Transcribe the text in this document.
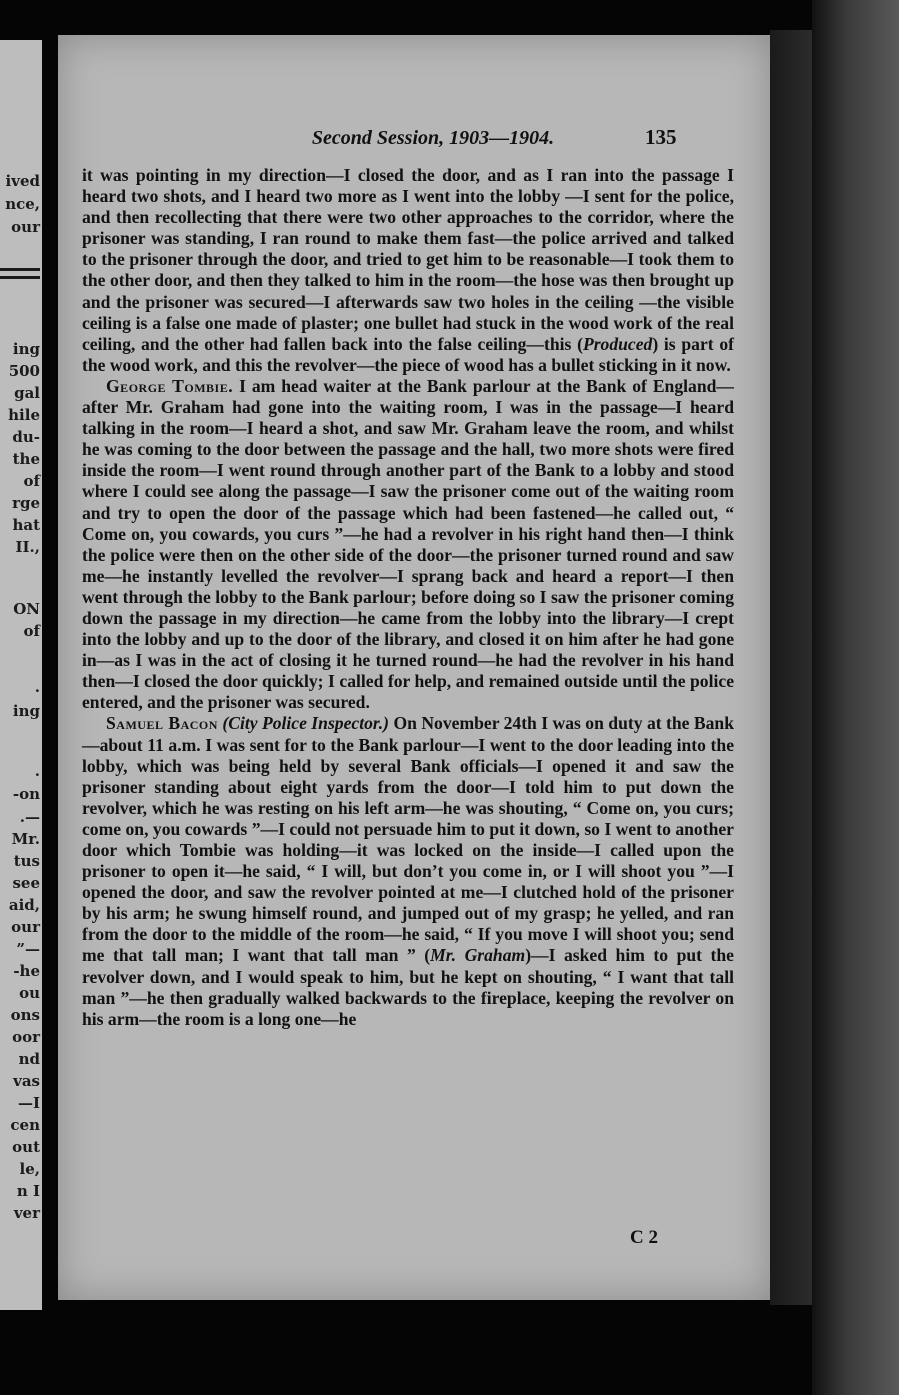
ived
nce,
our
ing
500
gal
hile
du-
the
of
rge
hat
II.,
ON
of
.
ing
.
-on
.—
Mr.
tus
see
aid,
our
”—
-he
ou
ons
oor
nd
vas
—I
cen
out
le,
n I
ver
Second Session, 1903—1904.	135

it was pointing in my direction—I closed the door, and as I ran into the passage I heard two shots, and I heard two more as I went into the lobby —I sent for the police, and then recollecting that there were two other approaches to the corridor, where the prisoner was standing, I ran round to make them fast—the police arrived and talked to the prisoner through the door, and tried to get him to be reasonable—I took them to the other door, and then they talked to him in the room—the hose was then brought up and the prisoner was secured—I afterwards saw two holes in the ceiling —the visible ceiling is a false one made of plaster; one bullet had stuck in the wood work of the real ceiling, and the other had fallen back into the false ceiling—this (Produced) is part of the wood work, and this the revolver—the piece of wood has a bullet sticking in it now.

George Tombie. I am head waiter at the Bank parlour at the Bank of England—after Mr. Graham had gone into the waiting room, I was in the passage—I heard talking in the room—I heard a shot, and saw Mr. Graham leave the room, and whilst he was coming to the door between the passage and the hall, two more shots were fired inside the room—I went round through another part of the Bank to a lobby and stood where I could see along the passage—I saw the prisoner come out of the waiting room and try to open the door of the passage which had been fastened—he called out, “ Come on, you cowards, you curs ”—he had a revolver in his right hand then—I think the police were then on the other side of the door—the prisoner turned round and saw me—he instantly levelled the revolver—I sprang back and heard a report—I then went through the lobby to the Bank parlour; before doing so I saw the prisoner coming down the passage in my direction—he came from the lobby into the library—I crept into the lobby and up to the door of the library, and closed it on him after he had gone in—as I was in the act of closing it he turned round—he had the revolver in his hand then—I closed the door quickly; I called for help, and remained outside until the police entered, and the prisoner was secured.

Samuel Bacon (City Police Inspector.) On November 24th I was on duty at the Bank—about 11 a.m. I was sent for to the Bank parlour—I went to the door leading into the lobby, which was being held by several Bank officials—I opened it and saw the prisoner standing about eight yards from the door—I told him to put down the revolver, which he was resting on his left arm—he was shouting, “ Come on, you curs; come on, you cowards ”—I could not persuade him to put it down, so I went to another door which Tombie was holding—it was locked on the inside—I called upon the prisoner to open it—he said, “ I will, but don’t you come in, or I will shoot you ”—I opened the door, and saw the revolver pointed at me—I clutched hold of the prisoner by his arm; he swung himself round, and jumped out of my grasp; he yelled, and ran from the door to the middle of the room—he said, “ If you move I will shoot you; send me that tall man; I want that tall man ” (Mr. Graham)—I asked him to put the revolver down, and I would speak to him, but he kept on shouting, “ I want that tall man ”—he then gradually walked backwards to the fireplace, keeping the revolver on his arm—the room is a long one—he

C 2
